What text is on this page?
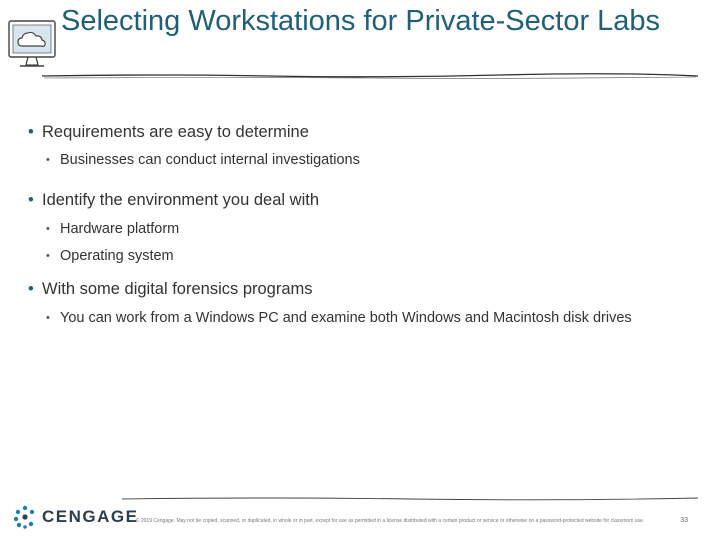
Selecting Workstations for Private-Sector Labs
• Requirements are easy to determine
• Businesses can conduct internal investigations
• Identify the environment you deal with
• Hardware platform
• Operating system
• With some digital forensics programs
• You can work from a Windows PC and examine both Windows and Macintosh disk drives
CENGAGE
© 2019 Cengage. May not be copied, scanned, or duplicated, in whole or in part, except for use as permitted in a license distributed with a certain product or service or otherwise on a password-protected website for classroom use.	33
